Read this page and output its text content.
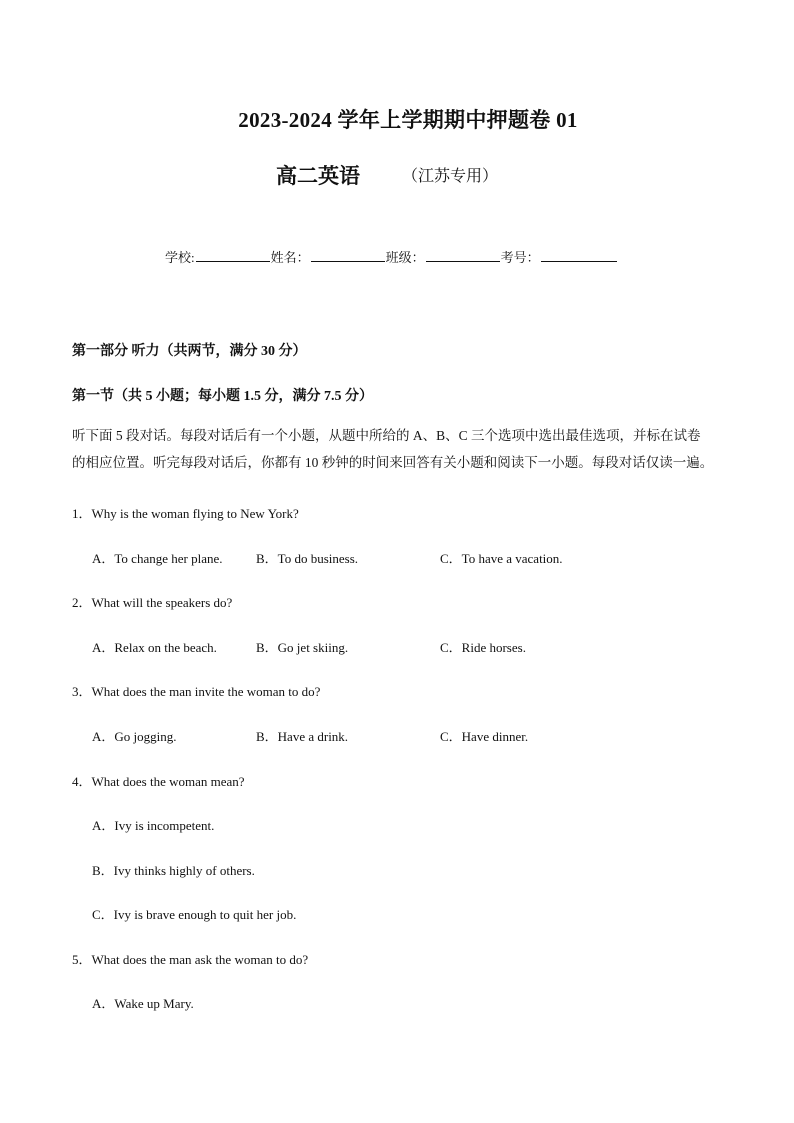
2023-2024 学年上学期期中押题卷 01
高二英语	（江苏专用）
学校:	姓名：	班级：	考号：
第一部分 听力（共两节，满分 30 分）
第一节（共 5 小题；每小题 1.5 分，满分 7.5 分）
听下面 5 段对话。每段对话后有一个小题，从题中所给的 A、B、C 三个选项中选出最佳选项，并标在试卷
的相应位置。听完每段对话后，你都有 10 秒钟的时间来回答有关小题和阅读下一小题。每段对话仅读一遍。
1．Why is the woman flying to New York?
A．To change her plane.	B．To do business.	C．To have a vacation.
2．What will the speakers do?
A．Relax on the beach.	B．Go jet skiing.	C．Ride horses.
3．What does the man invite the woman to do?
A．Go jogging.	B．Have a drink.	C．Have dinner.
4．What does the woman mean?
A．Ivy is incompetent.
B．Ivy thinks highly of others.
C．Ivy is brave enough to quit her job.
5．What does the man ask the woman to do?
A．Wake up Mary.
